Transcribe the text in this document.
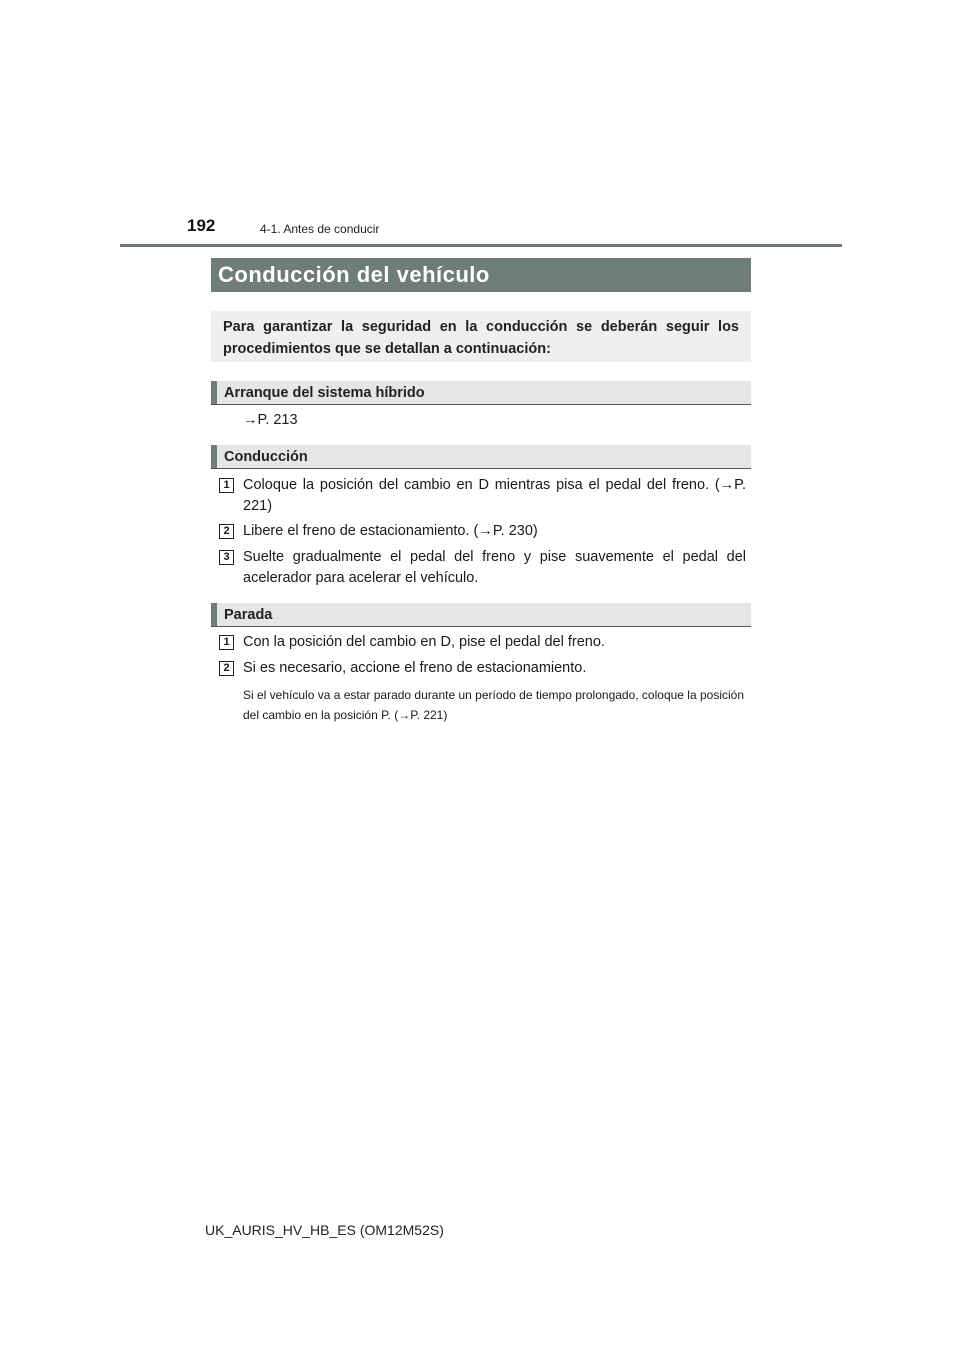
192	4-1. Antes de conducir
Conducción del vehículo
Para garantizar la seguridad en la conducción se deberán seguir los procedimientos que se detallan a continuación:
Arranque del sistema híbrido
→P. 213
Conducción
1 Coloque la posición del cambio en D mientras pisa el pedal del freno. (→P. 221)
2 Libere el freno de estacionamiento. (→P. 230)
3 Suelte gradualmente el pedal del freno y pise suavemente el pedal del acelerador para acelerar el vehículo.
Parada
1 Con la posición del cambio en D, pise el pedal del freno.
2 Si es necesario, accione el freno de estacionamiento.
Si el vehículo va a estar parado durante un período de tiempo prolongado, coloque la posición del cambio en la posición P. (→P. 221)
UK_AURIS_HV_HB_ES (OM12M52S)
